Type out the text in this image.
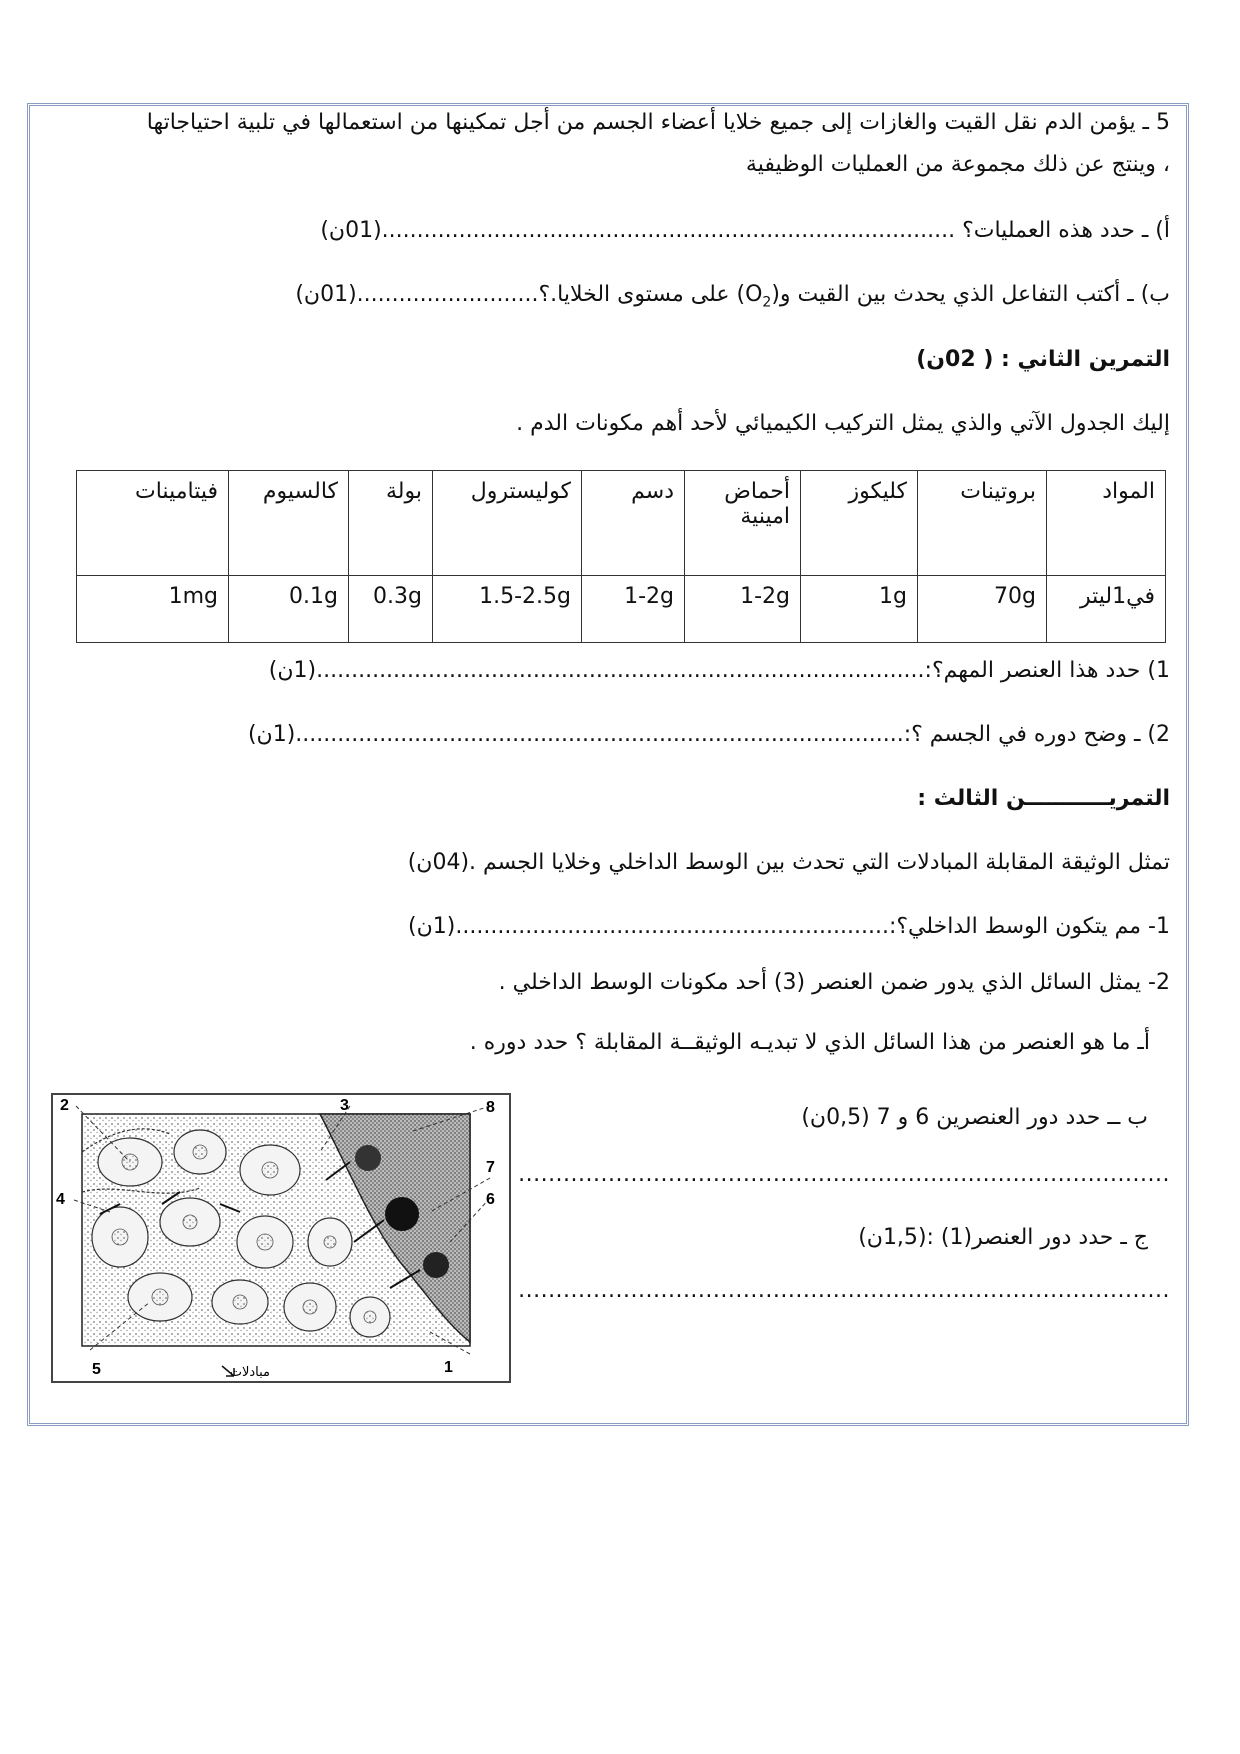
5 ـ يؤمن الدم نقل القيت والغازات إلى جميع خلايا أعضاء الجسم من أجل تمكينها من استعمالها في تلبية احتياجاتها
، وينتج عن ذلك مجموعة من العمليات الوظيفية
أ) ـ حدد هذه العمليات؟ ..................................................................................(01ن)
ب) ـ أكتب التفاعل الذي يحدث بين القيت $و(O_2)$ على مستوى الخلايا.؟..........................(01ن)
التمرين الثاني : ( 02ن)
إليك الجدول الآتي والذي يمثل التركيب الكيميائي لأحد أهم مكونات الدم .
المواد	بروتينات	كليكوز	أحماض امينية	دسم	كوليسترول	بولة	كالسيوم	فيتامينات
في1ليتر	70g	1g	1-2g	1-2g	1.5-2.5g	0.3g	0.1g	1mg
1) حدد هذا العنصر المهم؟:.......................................................................................(1ن)
2) ـ وضح دوره في الجسم ؟:.......................................................................................(1ن)
التمريـــــــــــن الثالث :
تمثل الوثيقة المقابلة المبادلات التي تحدث بين الوسط الداخلي وخلايا الجسم .(04ن)
1- مم يتكون الوسط الداخلي؟:..............................................................(1ن)
2- يمثل السائل الذي يدور ضمن العنصر (3) أحد مكونات الوسط الداخلي .
أـ ما هو العنصر من هذا السائل الذي لا تبديـه الوثيقــة المقابلة ؟ حدد دوره .
ب ــ حدد دور العنصرين 6 و 7 (0,5ن)
.......................................................................................
ج ـ حدد دور العنصر(1) :(1,5ن)
.......................................................................................
2	3	8
7
6
4
5	1
مبادلات
